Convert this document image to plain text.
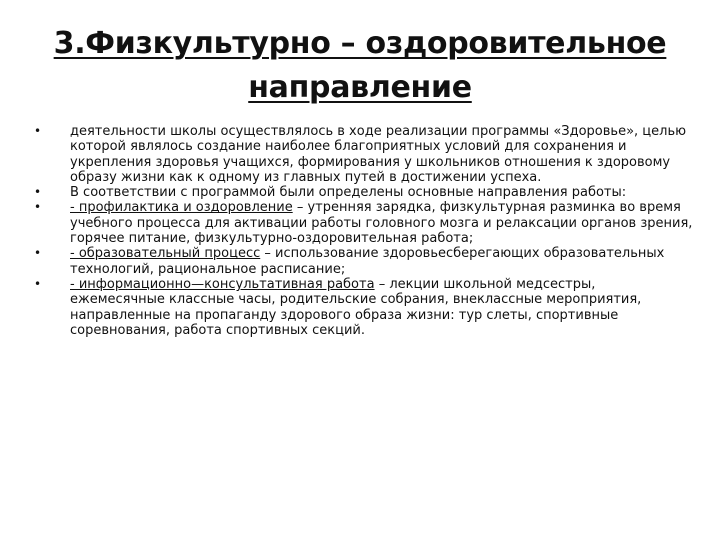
3.Физкультурно – оздоровительное
направление
• деятельности школы осуществлялось в ходе реализации программы «Здоровье», целью которой являлось создание наиболее благоприятных условий для сохранения и укрепления здоровья учащихся, формирования у школьников отношения к здоровому образу жизни как к одному из главных путей в достижении успеха.
• В соответствии с программой были определены основные направления работы:
• - профилактика и оздоровление – утренняя зарядка, физкультурная разминка во время учебного процесса для активации работы головного мозга и релаксации органов зрения, горячее питание, физкультурно-оздоровительная работа;
• - образовательный процесс – использование здоровьесберегающих образовательных технологий, рациональное расписание;
• - информационно—консультативная работа – лекции школьной медсестры, ежемесячные классные часы, родительские собрания, внеклассные мероприятия, направленные на пропаганду здорового образа жизни: тур слеты, спортивные соревнования, работа спортивных секций.
